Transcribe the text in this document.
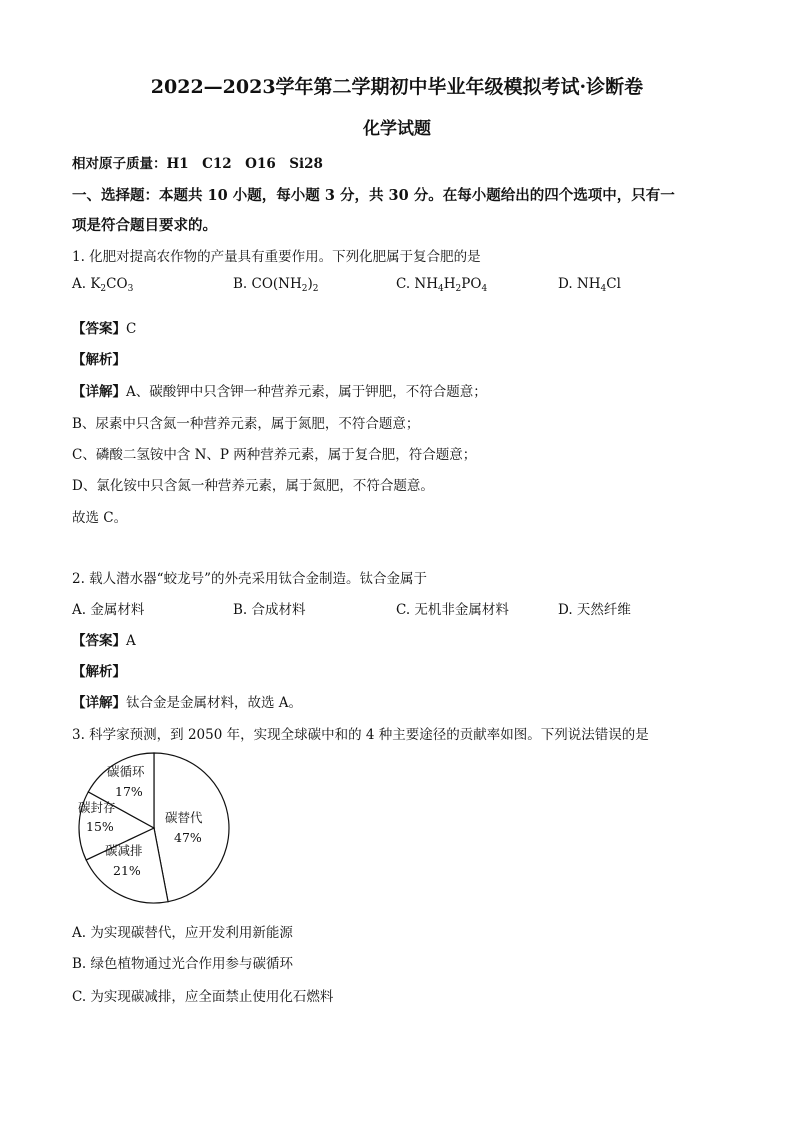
2022—2023学年第二学期初中毕业年级模拟考试·诊断卷
化学试题
相对原子质量：H1　C12　O16　Si28
一、选择题：本题共 10 小题，每小题 3 分，共 30 分。在每小题给出的四个选项中，只有一
项是符合题目要求的。
1. 化肥对提高农作物的产量具有重要作用。下列化肥属于复合肥的是
A. $K_2CO_3$	B. $CO(NH_2)_2$	C. $NH_4H_2PO_4$	D. $NH_4Cl$
【答案】C
【解析】
【详解】A、碳酸钾中只含钾一种营养元素，属于钾肥，不符合题意；
B、尿素中只含氮一种营养元素，属于氮肥，不符合题意；
C、磷酸二氢铵中含 N、P 两种营养元素，属于复合肥，符合题意；
D、氯化铵中只含氮一种营养元素，属于氮肥，不符合题意。
故选 C。
2. 载人潜水器“蛟龙号”的外壳采用钛合金制造。钛合金属于
A. 金属材料	B. 合成材料	C. 无机非金属材料	D. 天然纤维
【答案】A
【解析】
【详解】钛合金是金属材料，故选 A。
3. 科学家预测，到 2050 年，实现全球碳中和的 4 种主要途径的贡献率如图。下列说法错误的是
碳替代
47%
碳减排
21%
碳封存
15%
碳循环
17%
A. 为实现碳替代，应开发利用新能源
B. 绿色植物通过光合作用参与碳循环
C. 为实现碳减排，应全面禁止使用化石燃料
